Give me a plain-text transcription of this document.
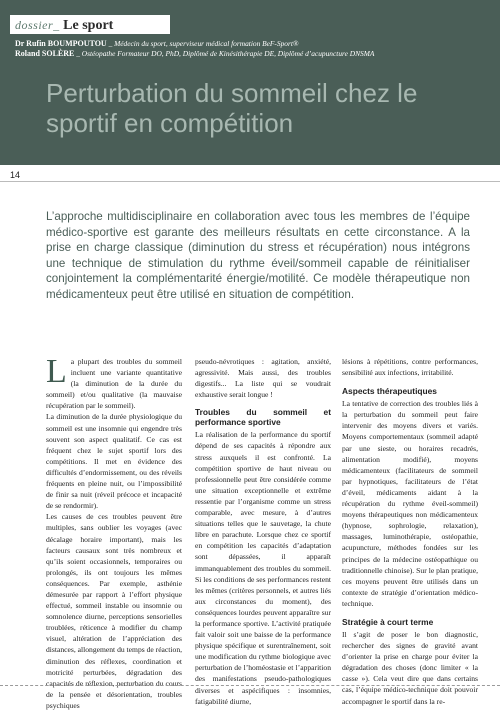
dossier_ Le sport
Dr Rufin BOUMPOUTOU _ Médecin du sport, superviseur médical formation BeF-Sport®
Roland SOLÈRE _ Ostéopathe Formateur DO, PhD, Diplômé de Kinésithérapie DE, Diplômé d’acupuncture DNSMA
Perturbation du sommeil chez le sportif en compétition
14

L’approche multidisciplinaire en collaboration avec tous les membres de l’équipe médico-sportive est garante des meilleurs résultats en cette circonstance. A la prise en charge classique (diminution du stress et récupération) nous intégrons une technique de stimulation du rythme éveil/sommeil capable de réinitialiser conjointement la complémentarité énergie/motilité. Ce modèle thérapeutique non médicamenteux peut être utilisé en situation de compétition.

La plupart des troubles du sommeil incluent une variante quantitative (la diminution de la durée du sommeil) et/ou qualitative (la mauvaise récupération par le sommeil).

La diminution de la durée physiologique du sommeil est une insomnie qui engendre très souvent son aspect qualitatif. Ce cas est fréquent chez le sujet sportif lors des compétitions. Il met en évidence des difficultés d’endormissement, ou des réveils fréquents en pleine nuit, ou l’impossibilité de finir sa nuit (réveil précoce et incapacité de se rendormir).

Les causes de ces troubles peuvent être multiples, sans oublier les voyages (avec décalage horaire important), mais les facteurs causaux sont très nombreux et qu’ils soient occasionnels, temporaires ou prolongés, ils ont toujours les mêmes conséquences. Par exemple, asthénie démesurée par rapport à l’effort physique effectué, sommeil instable ou insomnie ou somnolence diurne, perceptions sensorielles troublées, réticence à modifier du champ visuel, altération de l’appréciation des distances, allongement du temps de réaction, diminution des réflexes, coordination et motricité perturbées, dégradation des capacités de réflexion, perturbation du cours de la pensée et désorientation, troubles psychiques

pseudo-névrotiques : agitation, anxiété, agressivité. Mais aussi, des troubles digestifs... La liste qui se voudrait exhaustive serait longue !

Troubles du sommeil et performance sportive

La réalisation de la performance du sportif dépend de ses capacités à répondre aux stress auxquels il est confronté. La compétition sportive de haut niveau ou professionnelle peut être considérée comme une situation exceptionnelle et extrême ressentie par l’organisme comme un stress comparable, avec mesure, à d’autres situations telles que le sauvetage, la chute libre en parachute. Lorsque chez ce sportif en compétition les capacités d’adaptation sont dépassées, il apparaît immanquablement des troubles du sommeil. Si les conditions de ses performances restent les mêmes (critères personnels, et autres liés aux circonstances du moment), des conséquences lourdes peuvent apparaître sur la performance sportive. L’activité pratiquée fait valoir soit une baisse de la performance physique spécifique et surentraînement, soit une modification du rythme biologique avec perturbation de l’homéostasie et l’apparition des manifestations pseudo-pathologiques diverses et aspécifiques : insomnies, fatigabilité diurne,

lésions à répétitions, contre performances, sensibilité aux infections, irritabilité.

Aspects thérapeutiques

La tentative de correction des troubles liés à la perturbation du sommeil peut faire intervenir des moyens divers et variés. Moyens comportementaux (sommeil adapté par une sieste, ou horaires recadrés, alimentation modifié), moyens médicamenteux (facilitateurs de sommeil par hypnotiques, facilitateurs de l’état d’éveil, médicaments aidant à la récupération du rythme éveil-sommeil) moyens thérapeutiques non médicamenteux (hypnose, sophrologie, relaxation), massages, luminothérapie, ostéopathie, acupuncture, méthodes fondées sur les principes de la médecine ostéopathique ou traditionnelle chinoise). Sur le plan pratique, ces moyens peuvent être utilisés dans un contexte de stratégie d’orientation médico-technique.

Stratégie à court terme

Il s’agit de poser le bon diagnostic, rechercher des signes de gravité avant d’orienter la prise en charge pour éviter la dégradation des choses (donc limiter « la casse »). Cela veut dire que dans certains cas, l’équipe médico-technique doit pouvoir accompagner le sportif dans la re-
